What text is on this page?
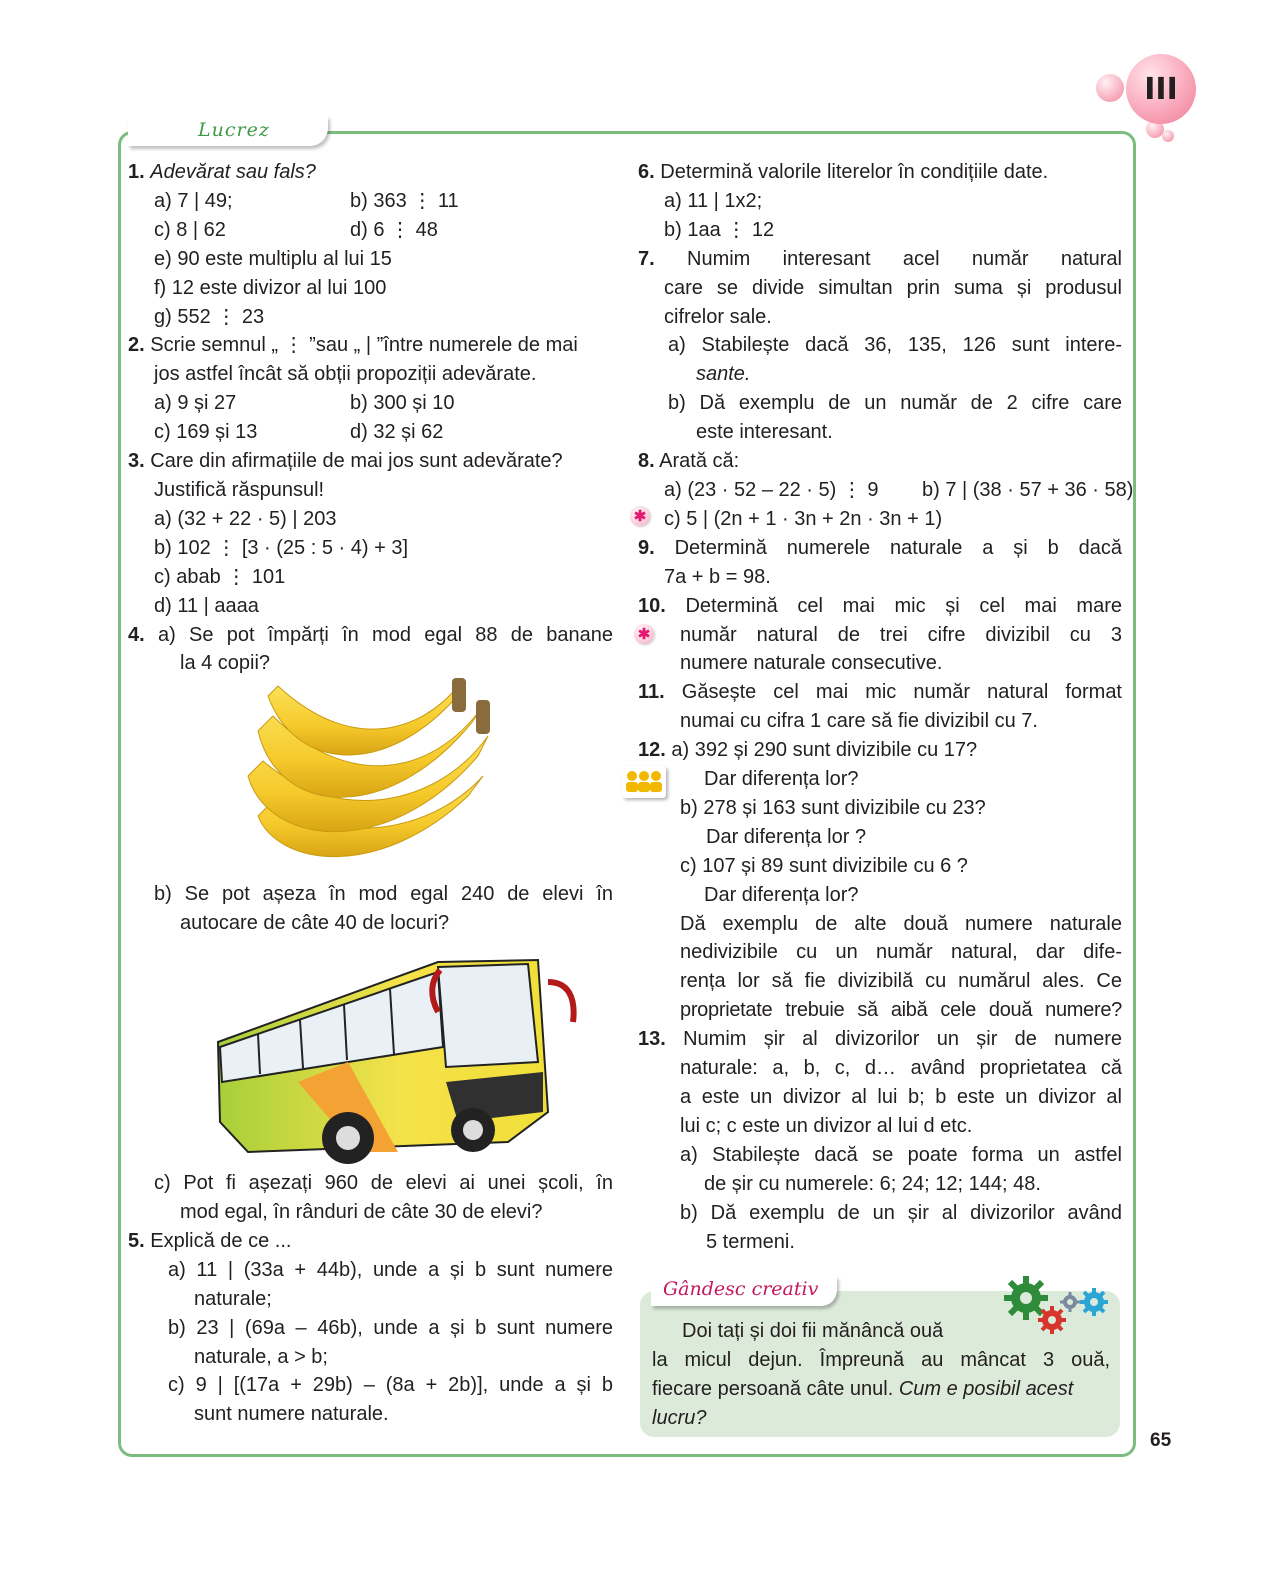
III
Lucrez

1. Adevărat sau fals?

a) 7 | 49;	b) 363 ⋮ 11

c) 8 | 62	d) 6 ⋮ 48

e) 90 este multiplu al lui 15

f) 12 este divizor al lui 100

g) 552 ⋮ 23

2. Scrie semnul „ ⋮ ”sau „ | ”între numerele de mai

jos astfel încât să obții propoziții adevărate.

a) 9 și 27	b) 300 și 10

c) 169 și 13	d) 32 și 62

3. Care din afirmațiile de mai jos sunt adevărate?

Justifică răspunsul!

a) (32 + 22 · 5) | 203

b) 102 ⋮ [3 · (25 : 5 · 4) + 3]

c) abab ⋮ 101

d) 11 | aaaa

4. a) Se pot împărți în mod egal 88 de banane

la 4 copii?

b) Se pot așeza în mod egal 240 de elevi în

autocare de câte 40 de locuri?

c) Pot fi așezați 960 de elevi ai unei școli, în

mod egal, în rânduri de câte 30 de elevi?

5. Explică de ce ...

a) 11 | (33a + 44b), unde a și b sunt numere

naturale;

b) 23 | (69a – 46b), unde a și b sunt numere

naturale, a > b;

c) 9 | [(17a + 29b) – (8a + 2b)], unde a și b

sunt numere naturale.

6. Determină valorile literelor în condițiile date.

a) 11 | 1x2;

b) 1aa ⋮ 12

7. Numim interesant acel număr natural

care se divide simultan prin suma și produsul

cifrelor sale.

a) Stabilește dacă 36, 135, 126 sunt intere-

sante.

b) Dă exemplu de un număr de 2 cifre care

este interesant.

8. Arată că:

a) (23 · 52 – 22 · 5) ⋮ 9 b) 7 | (38 · 57 + 36 · 58)

c) 5 | (2n + 1 · 3n + 2n · 3n + 1)

9. Determină numerele naturale a și b dacă

7a + b = 98.

10. Determină cel mai mic și cel mai mare

număr natural de trei cifre divizibil cu 3

numere naturale consecutive.

11. Găsește cel mai mic număr natural format

numai cu cifra 1 care să fie divizibil cu 7.

12. a) 392 și 290 sunt divizibile cu 17?

Dar diferența lor?

b) 278 și 163 sunt divizibile cu 23?

Dar diferența lor ?

c) 107 și 89 sunt divizibile cu 6 ?

Dar diferența lor?

Dă exemplu de alte două numere naturale

nedivizibile cu un număr natural, dar dife-

rența lor să fie divizibilă cu numărul ales. Ce

proprietate trebuie să aibă cele două numere?

13. Numim șir al divizorilor un șir de numere

naturale: a, b, c, d… având proprietatea că

a este un divizor al lui b; b este un divizor al

lui c; c este un divizor al lui d etc.

a) Stabilește dacă se poate forma un astfel

de șir cu numerele: 6; 24; 12; 144; 48.

b) Dă exemplu de un șir al divizorilor având

5 termeni.

✱
✱
Gândesc creativ

Doi tați și doi fii mănâncă ouă

la micul dejun. Împreună au mâncat 3 ouă,

fiecare persoană câte unul. Cum e posibil acest

lucru?

65
